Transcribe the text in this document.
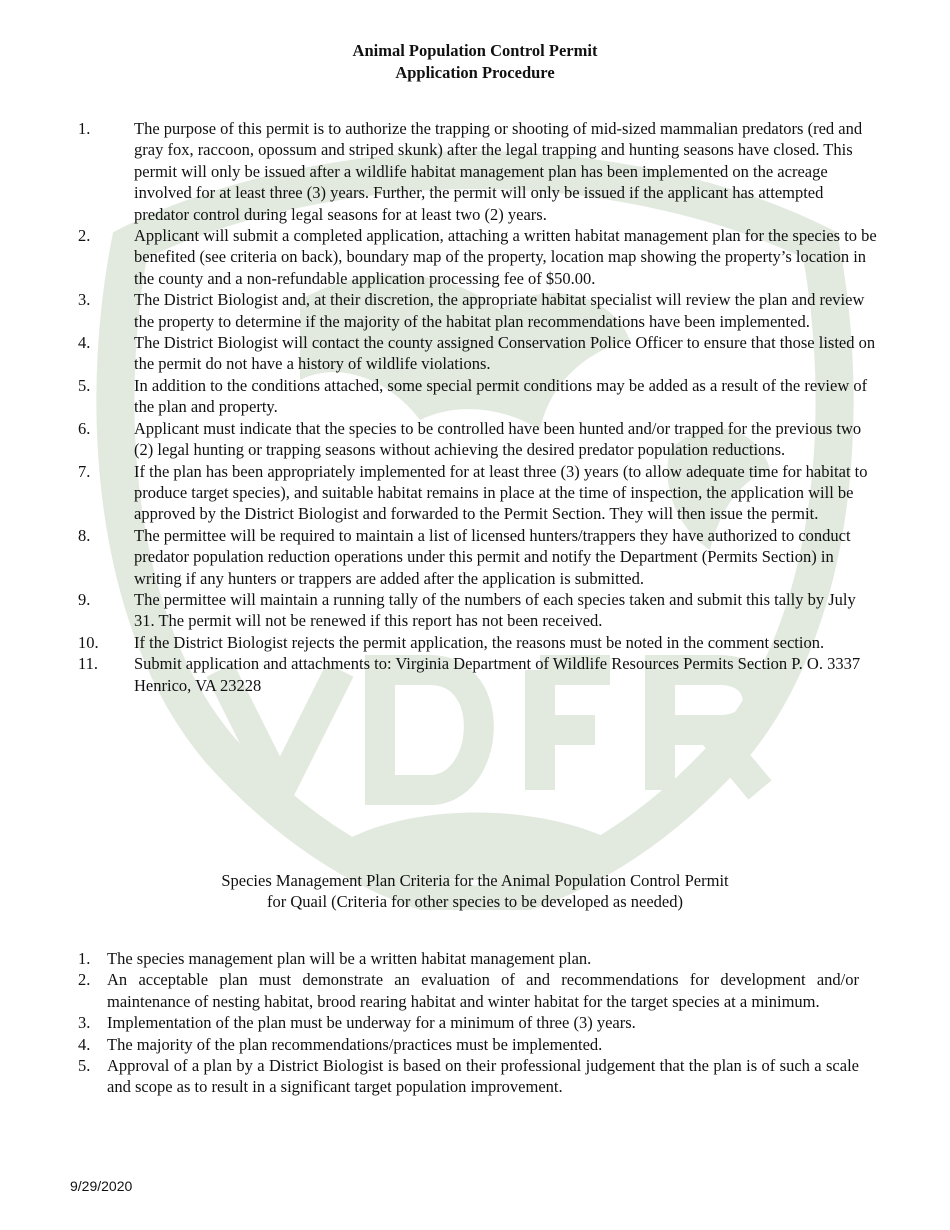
Animal Population Control Permit
Application Procedure
1.	The purpose of this permit is to authorize the trapping or shooting of mid-sized mammalian predators (red and gray fox, raccoon, opossum and striped skunk) after the legal trapping and hunting seasons have closed. This permit will only be issued after a wildlife habitat management plan has been implemented on the acreage involved for at least three (3) years. Further, the permit will only be issued if the applicant has attempted predator control during legal seasons for at least two (2) years.
2.	Applicant will submit a completed application, attaching a written habitat management plan for the species to be benefited (see criteria on back), boundary map of the property, location map showing the property’s location in the county and a non-refundable application processing fee of $50.00.
3.	The District Biologist and, at their discretion, the appropriate habitat specialist will review the plan and review the property to determine if the majority of the habitat plan recommendations have been implemented.
4.	The District Biologist will contact the county assigned Conservation Police Officer to ensure that those listed on the permit do not have a history of wildlife violations.
5.	In addition to the conditions attached, some special permit conditions may be added as a result of the review of the plan and property.
6.	Applicant must indicate that the species to be controlled have been hunted and/or trapped for the previous two (2) legal hunting or trapping seasons without achieving the desired predator population reductions.
7.	If the plan has been appropriately implemented for at least three (3) years (to allow adequate time for habitat to produce target species), and suitable habitat remains in place at the time of inspection, the application will be approved by the District Biologist and forwarded to the Permit Section. They will then issue the permit.
8.	The permittee will be required to maintain a list of licensed hunters/trappers they have authorized to conduct predator population reduction operations under this permit and notify the Department (Permits Section) in writing if any hunters or trappers are added after the application is submitted.
9.	The permittee will maintain a running tally of the numbers of each species taken and submit this tally by July 31. The permit will not be renewed if this report has not been received.
10. If the District Biologist rejects the permit application, the reasons must be noted in the comment section.
11. Submit application and attachments to: Virginia Department of Wildlife Resources Permits Section P. O. 3337 Henrico, VA 23228
Species Management Plan Criteria for the Animal Population Control Permit
for Quail (Criteria for other species to be developed as needed)
1. The species management plan will be a written habitat management plan.
2. An acceptable plan must demonstrate an evaluation of and recommendations for development and/or maintenance of nesting habitat, brood rearing habitat and winter habitat for the target species at a minimum.
3. Implementation of the plan must be underway for a minimum of three (3) years.
4. The majority of the plan recommendations/practices must be implemented.
5. Approval of a plan by a District Biologist is based on their professional judgement that the plan is of such a scale and scope as to result in a significant target population improvement.
9/29/2020
